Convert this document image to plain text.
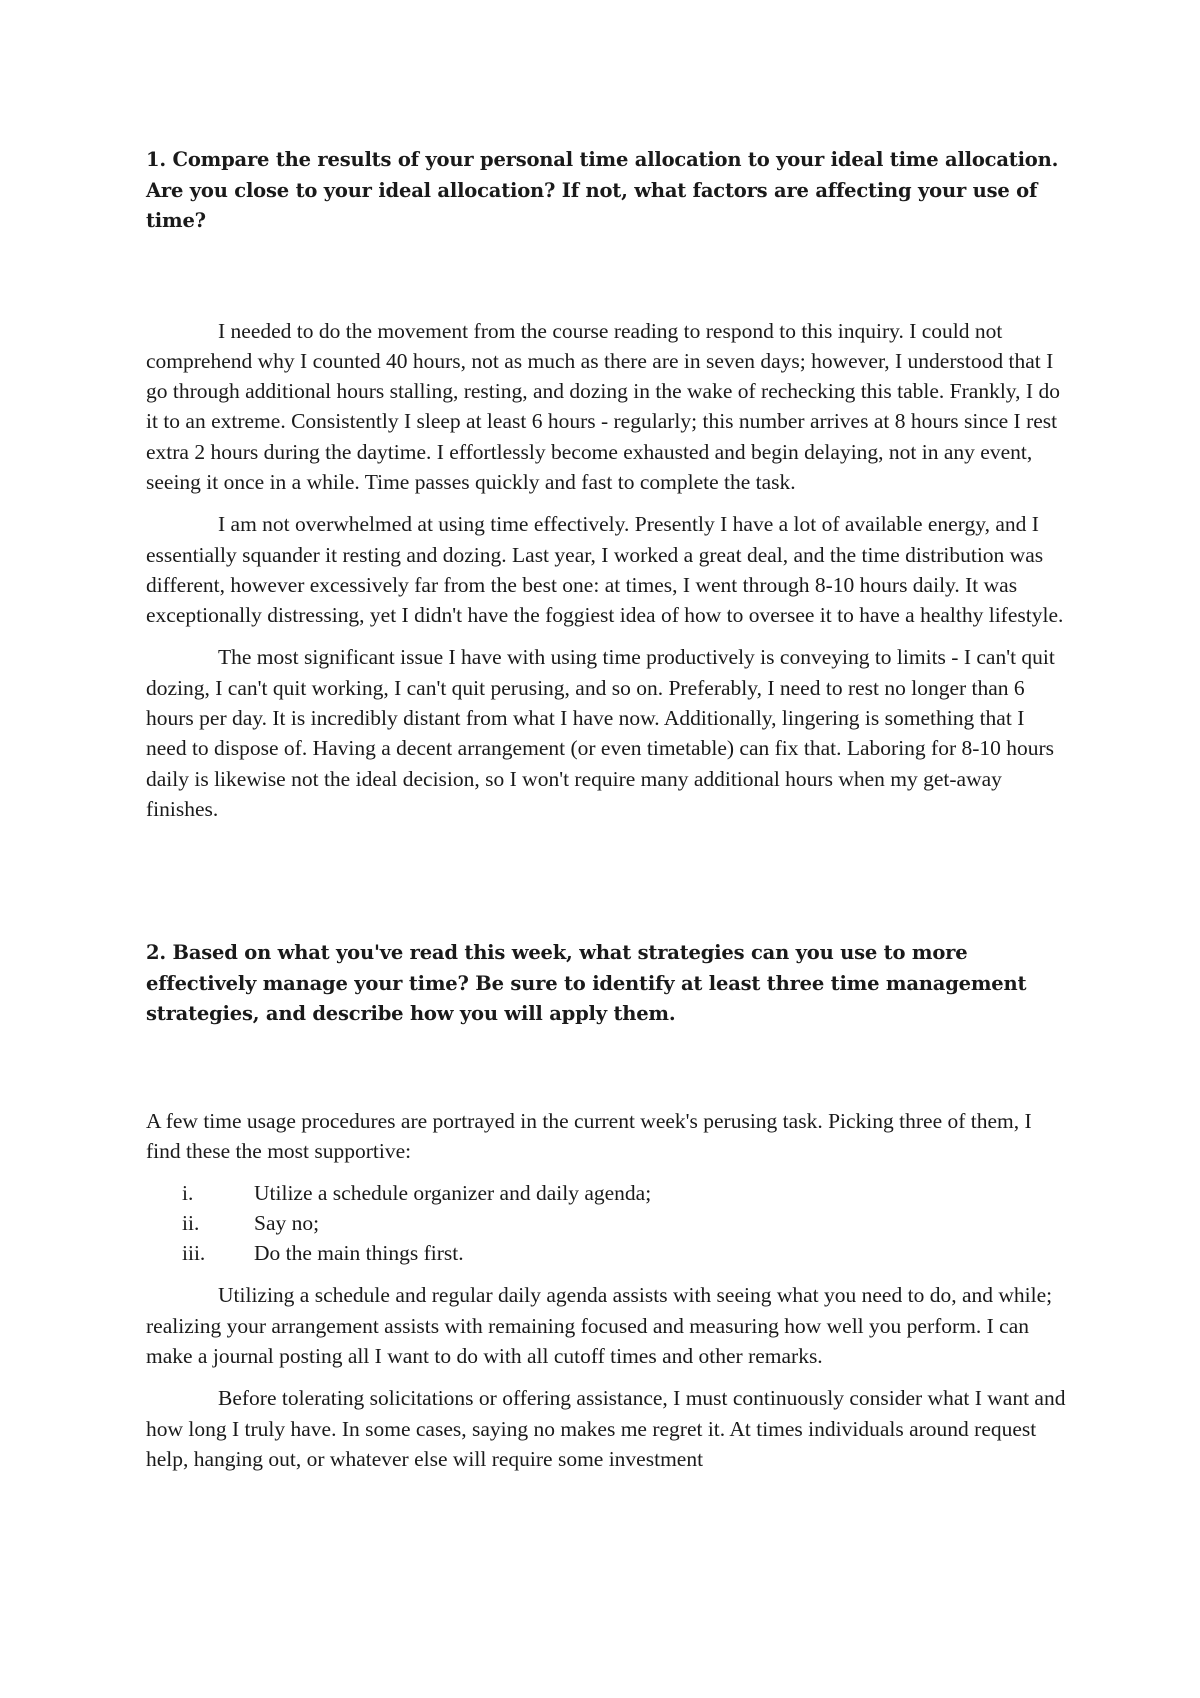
1. Compare the results of your personal time allocation to your ideal time allocation. Are you close to your ideal allocation? If not, what factors are affecting your use of time?

I needed to do the movement from the course reading to respond to this inquiry. I could not comprehend why I counted 40 hours, not as much as there are in seven days; however, I understood that I go through additional hours stalling, resting, and dozing in the wake of rechecking this table. Frankly, I do it to an extreme. Consistently I sleep at least 6 hours - regularly; this number arrives at 8 hours since I rest extra 2 hours during the daytime. I effortlessly become exhausted and begin delaying, not in any event, seeing it once in a while. Time passes quickly and fast to complete the task.

I am not overwhelmed at using time effectively. Presently I have a lot of available energy, and I essentially squander it resting and dozing. Last year, I worked a great deal, and the time distribution was different, however excessively far from the best one: at times, I went through 8-10 hours daily. It was exceptionally distressing, yet I didn't have the foggiest idea of how to oversee it to have a healthy lifestyle.

The most significant issue I have with using time productively is conveying to limits - I can't quit dozing, I can't quit working, I can't quit perusing, and so on. Preferably, I need to rest no longer than 6 hours per day. It is incredibly distant from what I have now. Additionally, lingering is something that I need to dispose of. Having a decent arrangement (or even timetable) can fix that. Laboring for 8-10 hours daily is likewise not the ideal decision, so I won't require many additional hours when my get-away finishes.

2. Based on what you've read this week, what strategies can you use to more effectively manage your time? Be sure to identify at least three time management strategies, and describe how you will apply them.

A few time usage procedures are portrayed in the current week's perusing task. Picking three of them, I find these the most supportive:

i.	Utilize a schedule organizer and daily agenda;
ii.	Say no;
iii.	Do the main things first.

Utilizing a schedule and regular daily agenda assists with seeing what you need to do, and while; realizing your arrangement assists with remaining focused and measuring how well you perform. I can make a journal posting all I want to do with all cutoff times and other remarks.

Before tolerating solicitations or offering assistance, I must continuously consider what I want and how long I truly have. In some cases, saying no makes me regret it. At times individuals around request help, hanging out, or whatever else will require some investment
